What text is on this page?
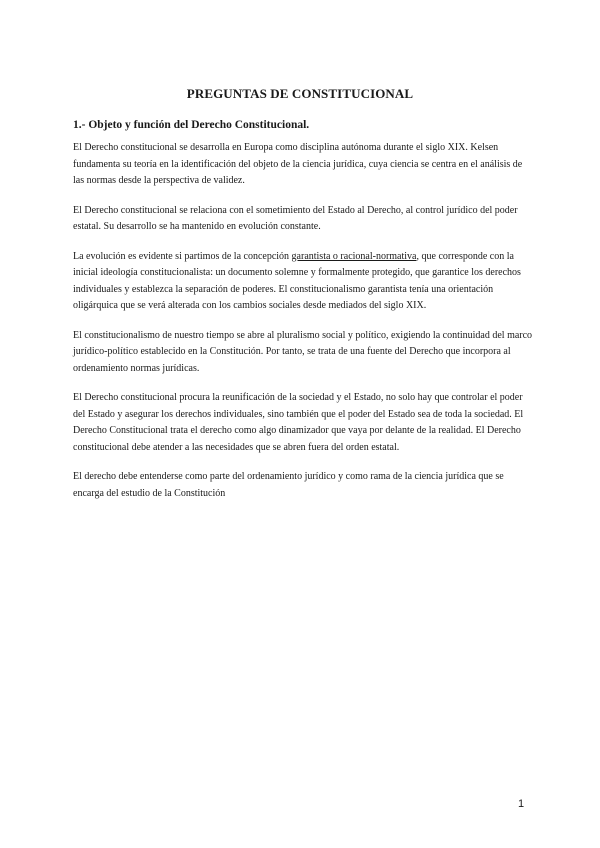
PREGUNTAS DE CONSTITUCIONAL
1.- Objeto y función del Derecho Constitucional.

El Derecho constitucional se desarrolla en Europa como disciplina autónoma durante el siglo XIX. Kelsen fundamenta su teoría en la identificación del objeto de la ciencia jurídica, cuya ciencia se centra en el análisis de las normas desde la perspectiva de validez.

El Derecho constitucional se relaciona con el sometimiento del Estado al Derecho, al control jurídico del poder estatal. Su desarrollo se ha mantenido en evolución constante.

La evolución es evidente si partimos de la concepción garantista o racional-normativa, que corresponde con la inicial ideología constitucionalista: un documento solemne y formalmente protegido, que garantice los derechos individuales y establezca la separación de poderes. El constitucionalismo garantista tenía una orientación oligárquica que se verá alterada con los cambios sociales desde mediados del siglo XIX.

El constitucionalismo de nuestro tiempo se abre al pluralismo social y político, exigiendo la continuidad del marco jurídico-político establecido en la Constitución. Por tanto, se trata de una fuente del Derecho que incorpora al ordenamiento normas jurídicas.

El Derecho constitucional procura la reunificación de la sociedad y el Estado, no solo hay que controlar el poder del Estado y asegurar los derechos individuales, sino también que el poder del Estado sea de toda la sociedad. El Derecho Constitucional trata el derecho como algo dinamizador que vaya por delante de la realidad. El Derecho constitucional debe atender a las necesidades que se abren fuera del orden estatal.

El derecho debe entenderse como parte del ordenamiento jurídico y como rama de la ciencia jurídica que se encarga del estudio de la Constitución

1
